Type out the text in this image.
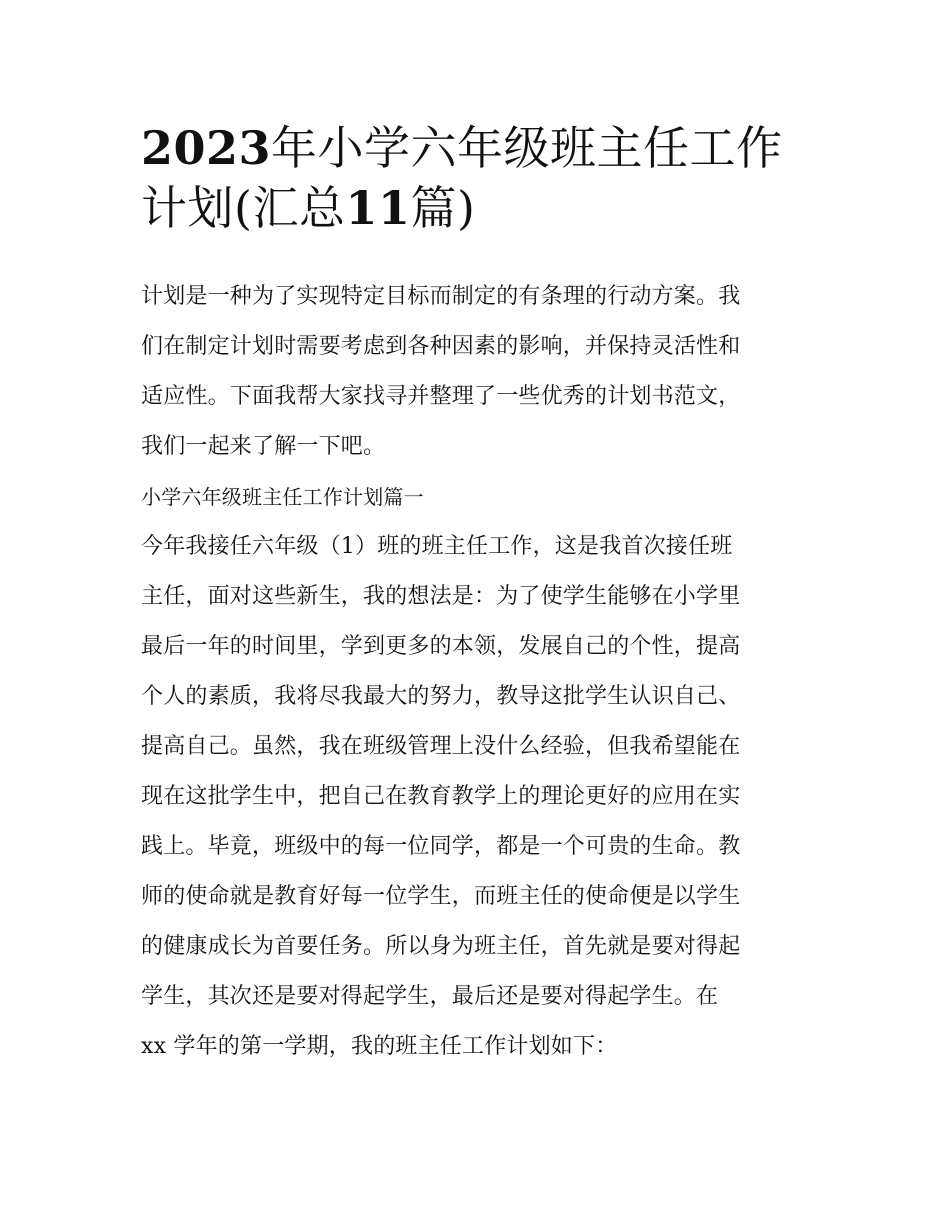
2023年小学六年级班主任工作
计划(汇总11篇)
计划是一种为了实现特定目标而制定的有条理的行动方案。我
们在制定计划时需要考虑到各种因素的影响，并保持灵活性和
适应性。下面我帮大家找寻并整理了一些优秀的计划书范文，
我们一起来了解一下吧。
小学六年级班主任工作计划篇一
今年我接任六年级（1）班的班主任工作，这是我首次接任班
主任，面对这些新生，我的想法是：为了使学生能够在小学里
最后一年的时间里，学到更多的本领，发展自己的个性，提高
个人的素质，我将尽我最大的努力，教导这批学生认识自己、
提高自己。虽然，我在班级管理上没什么经验，但我希望能在
现在这批学生中，把自己在教育教学上的理论更好的应用在实
践上。毕竟，班级中的每一位同学，都是一个可贵的生命。教
师的使命就是教育好每一位学生，而班主任的使命便是以学生
的健康成长为首要任务。所以身为班主任，首先就是要对得起
学生，其次还是要对得起学生，最后还是要对得起学生。在
xx 学年的第一学期，我的班主任工作计划如下：
